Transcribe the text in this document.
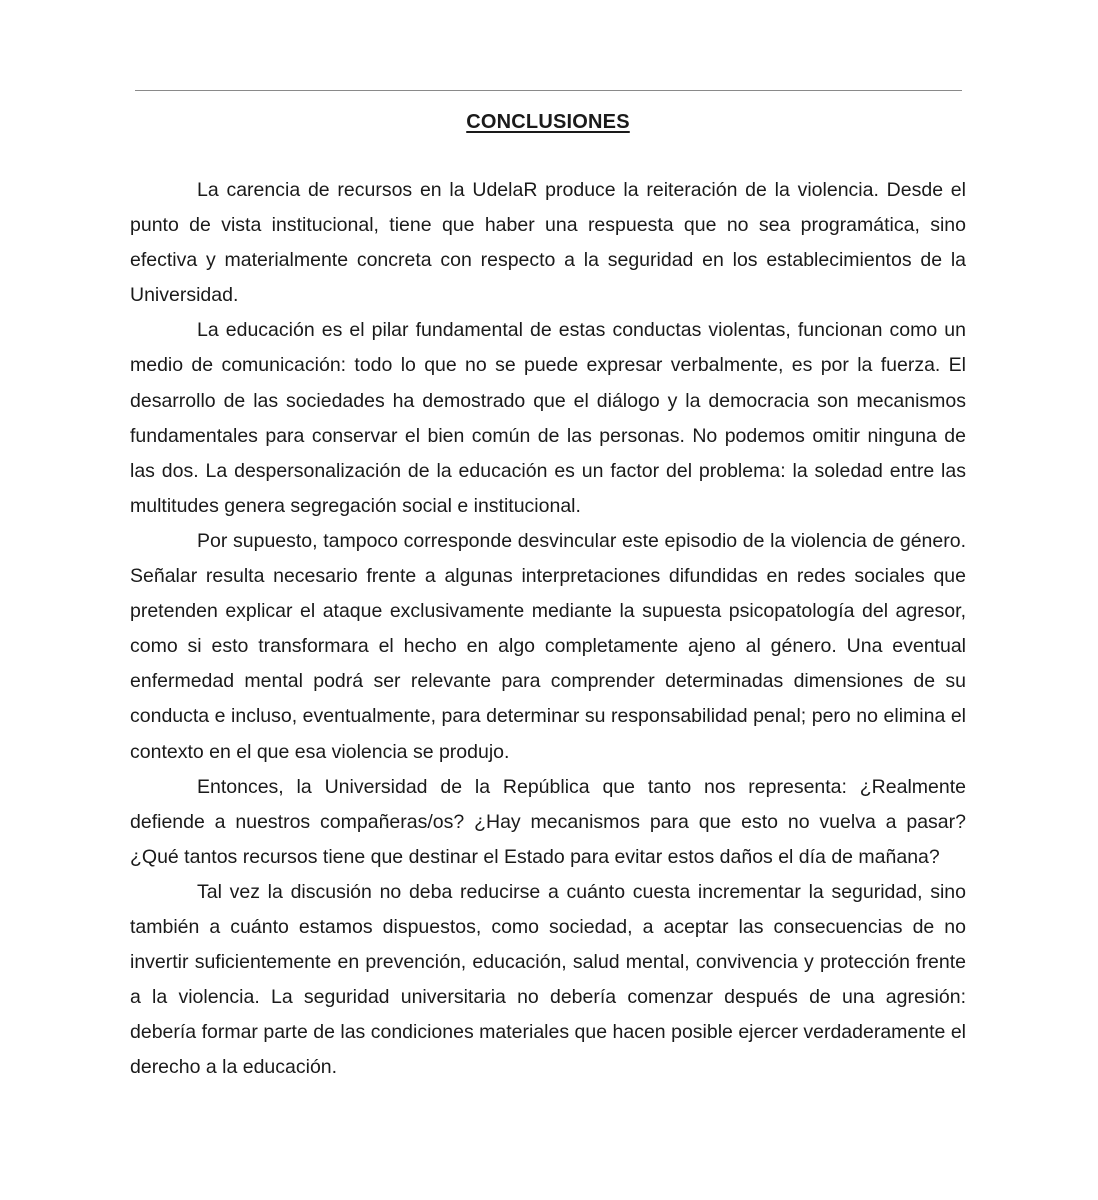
CONCLUSIONES

La carencia de recursos en la UdelaR produce la reiteración de la violencia. Desde el punto de vista institucional, tiene que haber una respuesta que no sea programática, sino efectiva y materialmente concreta con respecto a la seguridad en los establecimientos de la Universidad.

La educación es el pilar fundamental de estas conductas violentas, funcionan como un medio de comunicación: todo lo que no se puede expresar verbalmente, es por la fuerza. El desarrollo de las sociedades ha demostrado que el diálogo y la democracia son mecanismos fundamentales para conservar el bien común de las personas. No podemos omitir ninguna de las dos. La despersonalización de la educación es un factor del problema: la soledad entre las multitudes genera segregación social e institucional.

Por supuesto, tampoco corresponde desvincular este episodio de la violencia de género. Señalar resulta necesario frente a algunas interpretaciones difundidas en redes sociales que pretenden explicar el ataque exclusivamente mediante la supuesta psicopatología del agresor, como si esto transformara el hecho en algo completamente ajeno al género. Una eventual enfermedad mental podrá ser relevante para comprender determinadas dimensiones de su conducta e incluso, eventualmente, para determinar su responsabilidad penal; pero no elimina el contexto en el que esa violencia se produjo.

Entonces, la Universidad de la República que tanto nos representa: ¿Realmente defiende a nuestros compañeras/os? ¿Hay mecanismos para que esto no vuelva a pasar? ¿Qué tantos recursos tiene que destinar el Estado para evitar estos daños el día de mañana?

Tal vez la discusión no deba reducirse a cuánto cuesta incrementar la seguridad, sino también a cuánto estamos dispuestos, como sociedad, a aceptar las consecuencias de no invertir suficientemente en prevención, educación, salud mental, convivencia y protección frente a la violencia. La seguridad universitaria no debería comenzar después de una agresión: debería formar parte de las condiciones materiales que hacen posible ejercer verdaderamente el derecho a la educación.
